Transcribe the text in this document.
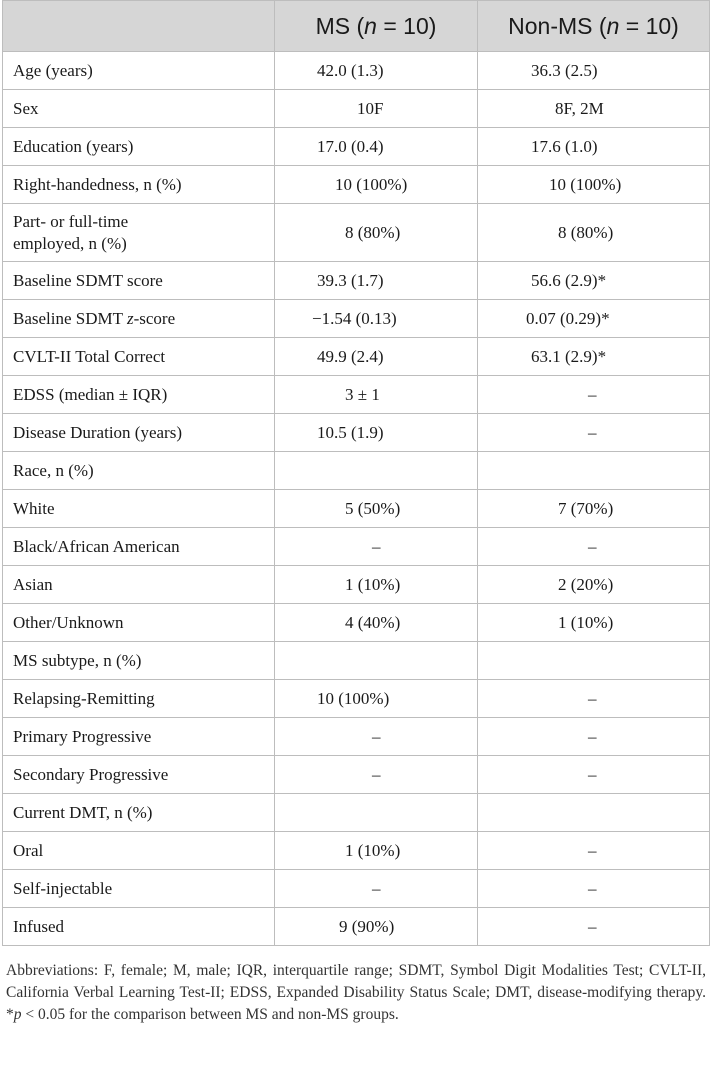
	MS (n = 10)	Non-MS (n = 10)
Age (years)	42.0 (1.3)	36.3 (2.5)
Sex	10F	8F, 2M
Education (years)	17.0 (0.4)	17.6 (1.0)
Right-handedness, n (%)	10 (100%)	10 (100%)
Part- or full-time
employed, n (%)	8 (80%)	8 (80%)
Baseline SDMT score	39.3 (1.7)	56.6 (2.9)*
Baseline SDMT z-score	−1.54 (0.13)	0.07 (0.29)*
CVLT-II Total Correct	49.9 (2.4)	63.1 (2.9)*
EDSS (median ± IQR)	3 ± 1	–
Disease Duration (years)	10.5 (1.9)	–
Race, n (%)		
White	5 (50%)	7 (70%)
Black/African American	–	–
Asian	1 (10%)	2 (20%)
Other/Unknown	4 (40%)	1 (10%)
MS subtype, n (%)		
Relapsing-Remitting	10 (100%)	–
Primary Progressive	–	–
Secondary Progressive	–	–
Current DMT, n (%)		
Oral	1 (10%)	–
Self-injectable	–	–
Infused	9 (90%)	–

Abbreviations: F, female; M, male; IQR, interquartile range; SDMT, Symbol Digit Modalities Test; CVLT-II, California Verbal Learning Test-II; EDSS, Expanded Disability Status Scale; DMT, disease-modifying therapy. *p < 0.05 for the comparison between MS and non-MS groups.
